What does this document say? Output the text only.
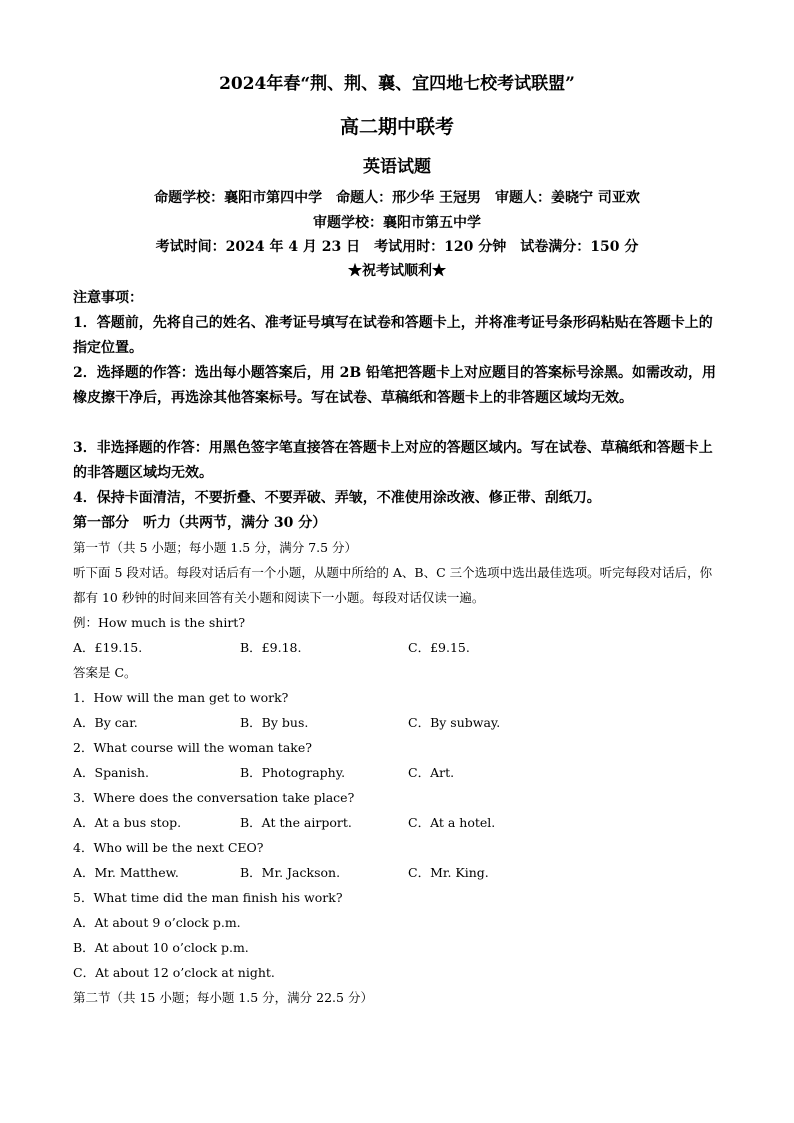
2024年春“荆、荆、襄、宜四地七校考试联盟”
高二期中联考
英语试题
命题学校：襄阳市第四中学　命题人：邢少华 王冠男　审题人：姜晓宁 司亚欢
审题学校：襄阳市第五中学
考试时间：2024 年 4 月 23 日　考试用时：120 分钟　试卷满分：150 分
★祝考试顺利★
注意事项：
1．答题前，先将自己的姓名、准考证号填写在试卷和答题卡上，并将准考证号条形码粘贴在答题卡上的指定位置。
2．选择题的作答：选出每小题答案后，用 2B 铅笔把答题卡上对应题目的答案标号涂黑。如需改动，用橡皮擦干净后，再选涂其他答案标号。写在试卷、草稿纸和答题卡上的非答题区域均无效。
3．非选择题的作答：用黑色签字笔直接答在答题卡上对应的答题区域内。写在试卷、草稿纸和答题卡上的非答题区域均无效。
4．保持卡面清洁，不要折叠、不要弄破、弄皱，不准使用涂改液、修正带、刮纸刀。
第一部分　听力（共两节，满分 30 分）
第一节（共 5 小题；每小题 1.5 分，满分 7.5 分）
听下面 5 段对话。每段对话后有一个小题，从题中所给的 A、B、C 三个选项中选出最佳选项。听完每段对话后，你都有 10 秒钟的时间来回答有关小题和阅读下一小题。每段对话仅读一遍。
例：How much is the shirt?
A．£19.15.	B．£9.18.	C．£9.15.
答案是 C。
1．How will the man get to work?
A．By car.	B．By bus.	C．By subway.
2．What course will the woman take?
A．Spanish.	B．Photography.	C．Art.
3．Where does the conversation take place?
A．At a bus stop.	B．At the airport.	C．At a hotel.
4．Who will be the next CEO?
A．Mr. Matthew.	B．Mr. Jackson.	C．Mr. King.
5．What time did the man finish his work?
A．At about 9 o’clock p.m.
B．At about 10 o’clock p.m.
C．At about 12 o’clock at night.
第二节（共 15 小题；每小题 1.5 分，满分 22.5 分）
